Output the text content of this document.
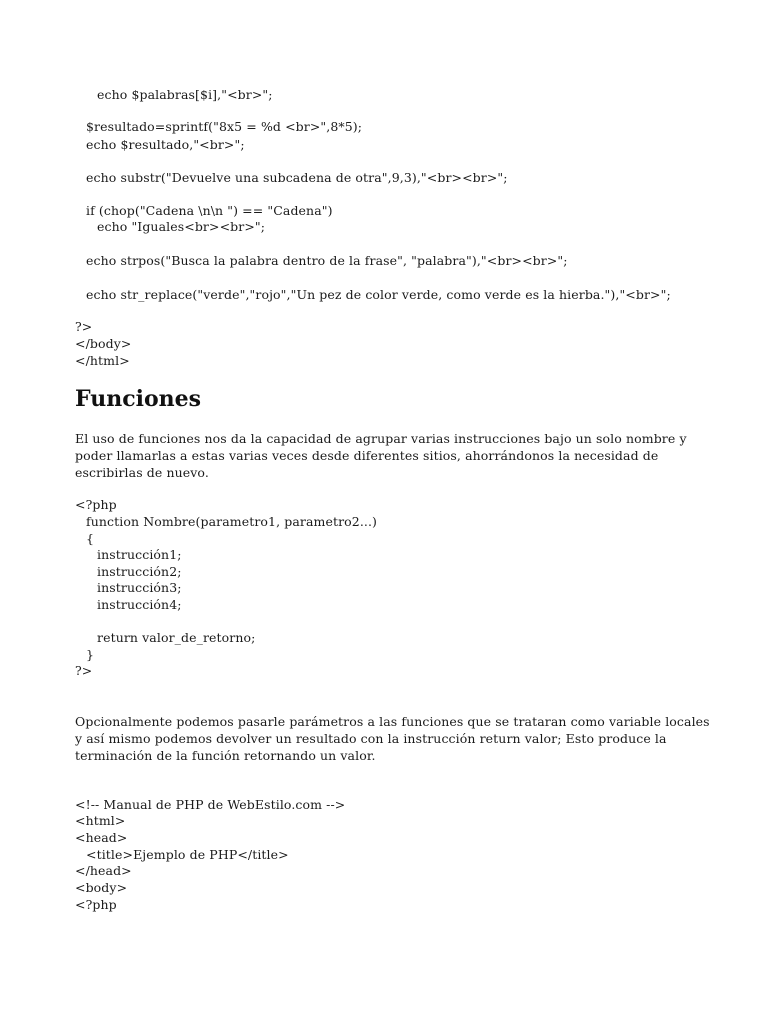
echo $palabras[$i],"<br>";
$resultado=sprintf("8x5 = %d <br>",8*5);
echo $resultado,"<br>";
echo substr("Devuelve una subcadena de otra",9,3),"<br><br>";
if (chop("Cadena \n\n ") == "Cadena")
echo "Iguales<br><br>";
echo strpos("Busca la palabra dentro de la frase", "palabra"),"<br><br>";
echo str_replace("verde","rojo","Un pez de color verde, como verde es la hierba."),"<br>";
?>
</body>
</html>
Funciones
El uso de funciones nos da la capacidad de agrupar varias instrucciones bajo un solo nombre y
poder llamarlas a estas varias veces desde diferentes sitios, ahorrándonos la necesidad de
escribirlas de nuevo.
<?php
function Nombre(parametro1, parametro2...)
{
instrucción1;
instrucción2;
instrucción3;
instrucción4;
return valor_de_retorno;
}
?>
Opcionalmente podemos pasarle parámetros a las funciones que se trataran como variable locales
y así mismo podemos devolver un resultado con la instrucción return valor; Esto produce la
terminación de la función retornando un valor.
<!-- Manual de PHP de WebEstilo.com -->
<html>
<head>
<title>Ejemplo de PHP</title>
</head>
<body>
<?php
